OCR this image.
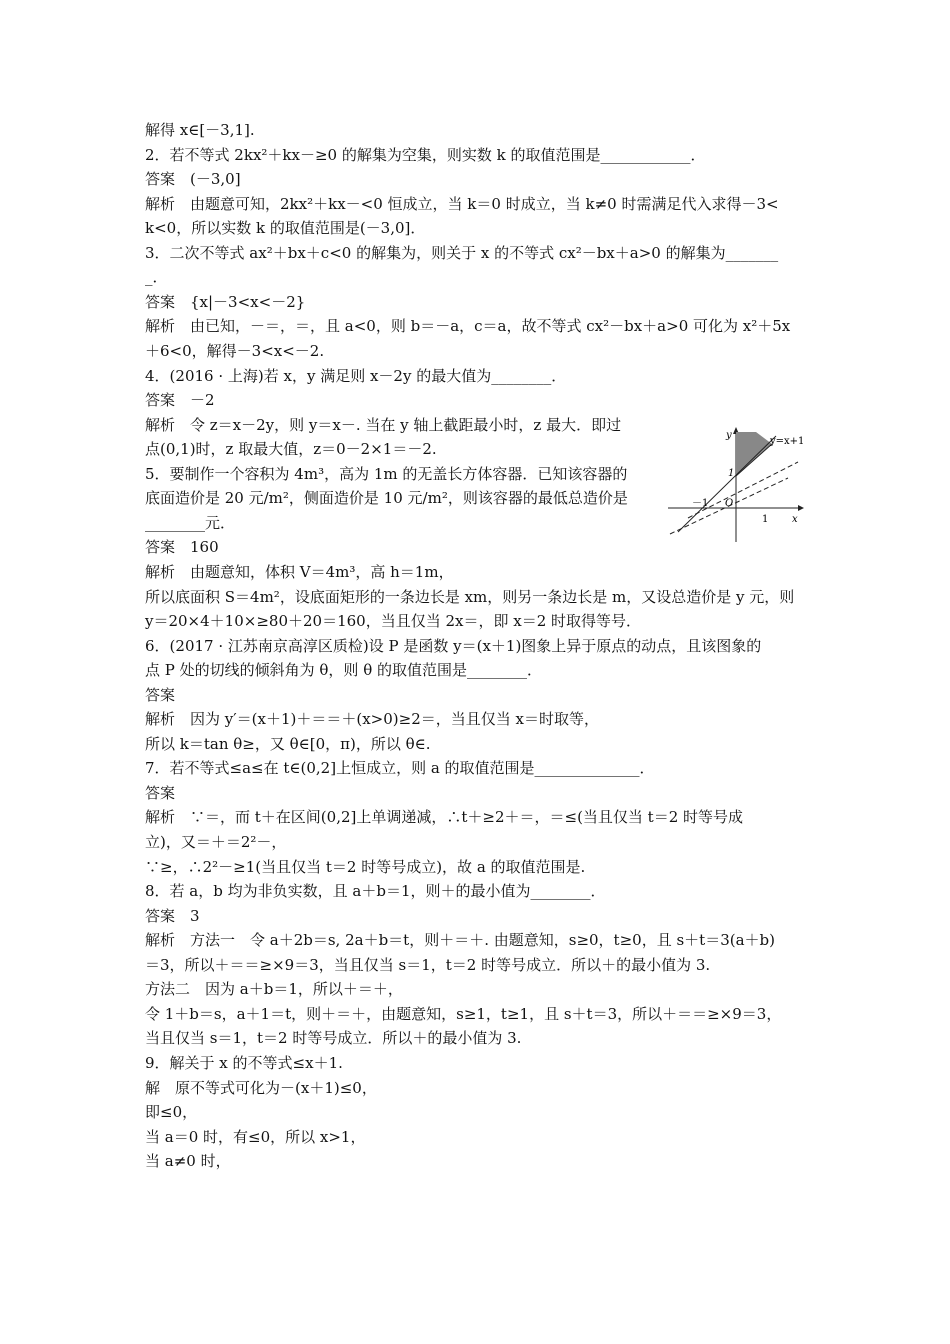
解得 x∈[－3,1].

2．若不等式 2kx²＋kx－≥0 的解集为空集，则实数 k 的取值范围是____________．

答案　(－3,0]

解析　由题意可知，2kx²＋kx－<0 恒成立，当 k＝0 时成立，当 k≠0 时需满足代入求得－3<

k<0，所以实数 k 的取值范围是(－3,0]．

3．二次不等式 ax²＋bx＋c<0 的解集为，则关于 x 的不等式 cx²－bx＋a>0 的解集为_______

_．

答案　{x|－3<x<－2}

解析　由已知，－＝，＝，且 a<0，则 b＝－a，c＝a，故不等式 cx²－bx＋a>0 可化为 x²＋5x

＋6<0，解得－3<x<－2.

4．(2016 · 上海)若 x，y 满足则 x－2y 的最大值为________．

答案　－2

解析　令 z＝x－2y，则 y＝x－. 当在 y 轴上截距最小时，z 最大．即过

点(0,1)时，z 取最大值，z＝0－2×1＝－2.

5．要制作一个容积为 4m³，高为 1m 的无盖长方体容器．已知该容器的

底面造价是 20 元/m²，侧面造价是 10 元/m²，则该容器的最低总造价是

________元．

答案　160

解析　由题意知，体积 V＝4m³，高 h＝1m，

所以底面积 S＝4m²，设底面矩形的一条边长是 xm，则另一条边长是 m，又设总造价是 y 元，则

y＝20×4＋10×≥80＋20＝160，当且仅当 2x＝，即 x＝2 时取得等号．

6．(2017 · 江苏南京高淳区质检)设 P 是函数 y＝(x＋1)图象上异于原点的动点，且该图象的

点 P 处的切线的倾斜角为 θ，则 θ 的取值范围是________．

答案

解析　因为 y′＝(x＋1)＋＝＝＋(x>0)≥2＝，当且仅当 x＝时取等，

所以 k＝tan θ≥，又 θ∈[0，π)，所以 θ∈.

7．若不等式≤a≤在 t∈(0,2]上恒成立，则 a 的取值范围是______________．

答案

解析　∵＝，而 t＋在区间(0,2]上单调递减，∴t＋≥2＋＝，＝≤(当且仅当 t＝2 时等号成

立)，又＝＋＝2²－，

∵≥，∴2²－≥1(当且仅当 t＝2 时等号成立)，故 a 的取值范围是.

8．若 a，b 均为非负实数，且 a＋b＝1，则＋的最小值为________．

答案　3

解析　方法一　令 a＋2b＝s, 2a＋b＝t，则＋＝＋. 由题意知，s≥0，t≥0，且 s＋t＝3(a＋b)

＝3，所以＋＝＝≥×9＝3，当且仅当 s＝1，t＝2 时等号成立．所以＋的最小值为 3.

方法二　因为 a＋b＝1，所以＋＝＋，

令 1＋b＝s，a＋1＝t，则＋＝＋，由题意知，s≥1，t≥1，且 s＋t＝3，所以＋＝＝≥×9＝3，

当且仅当 s＝1，t＝2 时等号成立．所以＋的最小值为 3.

9．解关于 x 的不等式≤x＋1.

解　原不等式可化为－(x＋1)≤0，

即≤0，

当 a＝0 时，有≤0，所以 x>1，

当 a≠0 时，

y
x
y=x+1
O
－1
1
1
